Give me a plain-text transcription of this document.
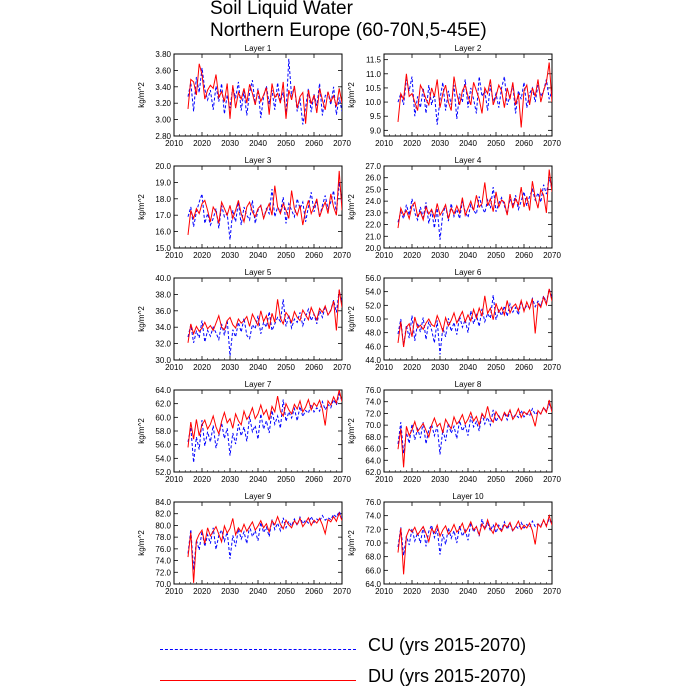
Soil Liquid Water
Northern Europe (60-70N,5-45E)
Layer 1
kg/m^2
2010 2020 2030 2040 2050 2060 2070
2.80
3.00
3.20
3.40
3.60
3.80
Layer 2
kg/m^2
2010 2020 2030 2040 2050 2060 2070
9.0
9.5
10.0
10.5
11.0
11.5
Layer 3
kg/m^2
2010 2020 2030 2040 2050 2060 2070
15.0
16.0
17.0
18.0
19.0
20.0
Layer 4
kg/m^2
2010 2020 2030 2040 2050 2060 2070
20.0
21.0
22.0
23.0
24.0
25.0
26.0
27.0
Layer 5
kg/m^2
2010 2020 2030 2040 2050 2060 2070
30.0
32.0
34.0
36.0
38.0
40.0
Layer 6
kg/m^2
2010 2020 2030 2040 2050 2060 2070
44.0
46.0
48.0
50.0
52.0
54.0
56.0
Layer 7
kg/m^2
2010 2020 2030 2040 2050 2060 2070
52.0
54.0
56.0
58.0
60.0
62.0
64.0
Layer 8
kg/m^2
2010 2020 2030 2040 2050 2060 2070
62.0
64.0
66.0
68.0
70.0
72.0
74.0
76.0
Layer 9
kg/m^2
2010 2020 2030 2040 2050 2060 2070
70.0
72.0
74.0
76.0
78.0
80.0
82.0
84.0
Layer 10
kg/m^2
2010 2020 2030 2040 2050 2060 2070
64.0
66.0
68.0
70.0
72.0
74.0
76.0
CU (yrs 2015-2070)
DU (yrs 2015-2070)
